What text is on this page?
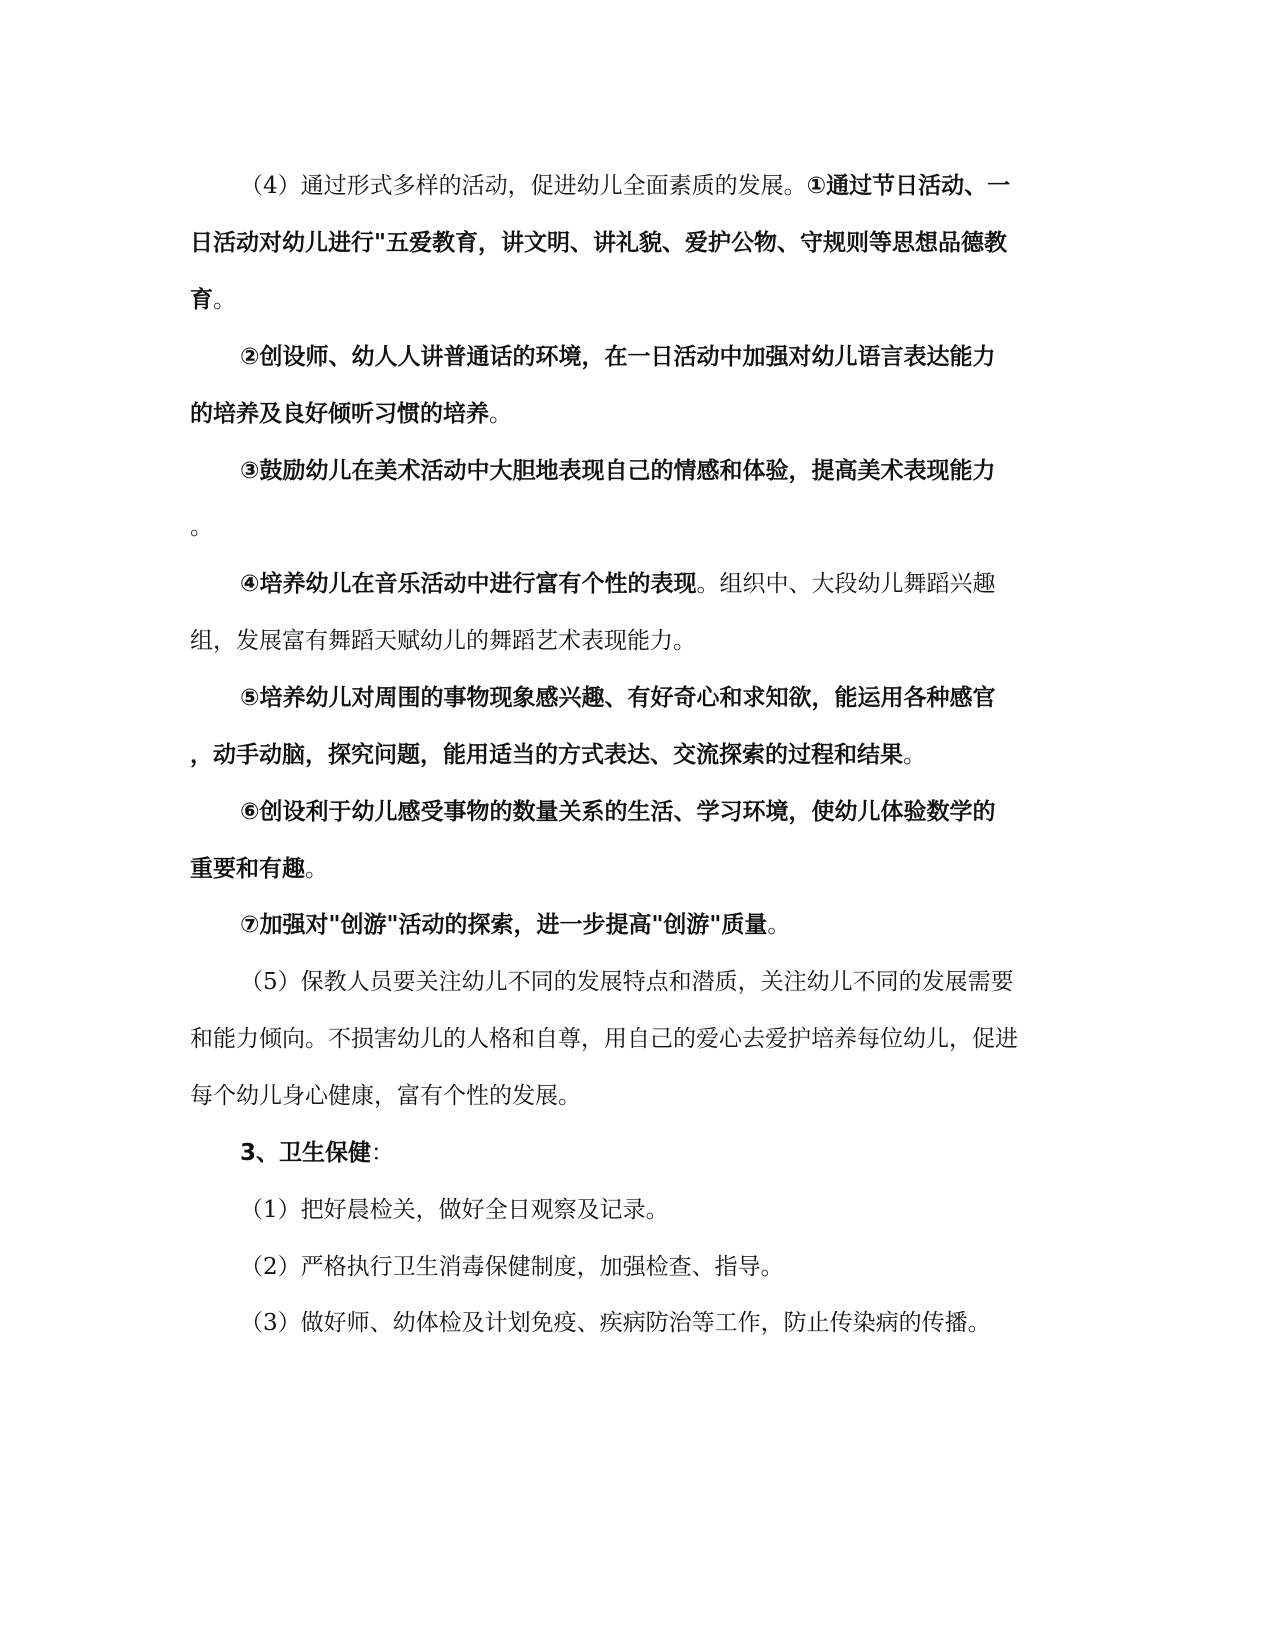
（4）通过形式多样的活动，促进幼儿全面素质的发展。①通过节日活动、一
日活动对幼儿进行"五爱教育，讲文明、讲礼貌、爱护公物、守规则等思想品德教
育。
②创设师、幼人人讲普通话的环境，在一日活动中加强对幼儿语言表达能力
的培养及良好倾听习惯的培养。
③鼓励幼儿在美术活动中大胆地表现自己的情感和体验，提高美术表现能力
。
④培养幼儿在音乐活动中进行富有个性的表现。组织中、大段幼儿舞蹈兴趣
组，发展富有舞蹈天赋幼儿的舞蹈艺术表现能力。
⑤培养幼儿对周围的事物现象感兴趣、有好奇心和求知欲，能运用各种感官
，动手动脑，探究问题，能用适当的方式表达、交流探索的过程和结果。
⑥创设利于幼儿感受事物的数量关系的生活、学习环境，使幼儿体验数学的
重要和有趣。
⑦加强对"创游"活动的探索，进一步提高"创游"质量。
（5）保教人员要关注幼儿不同的发展特点和潜质，关注幼儿不同的发展需要
和能力倾向。不损害幼儿的人格和自尊，用自己的爱心去爱护培养每位幼儿，促进
每个幼儿身心健康，富有个性的发展。
3、卫生保健：
（1）把好晨检关，做好全日观察及记录。
（2）严格执行卫生消毒保健制度，加强检查、指导。
（3）做好师、幼体检及计划免疫、疾病防治等工作，防止传染病的传播。
